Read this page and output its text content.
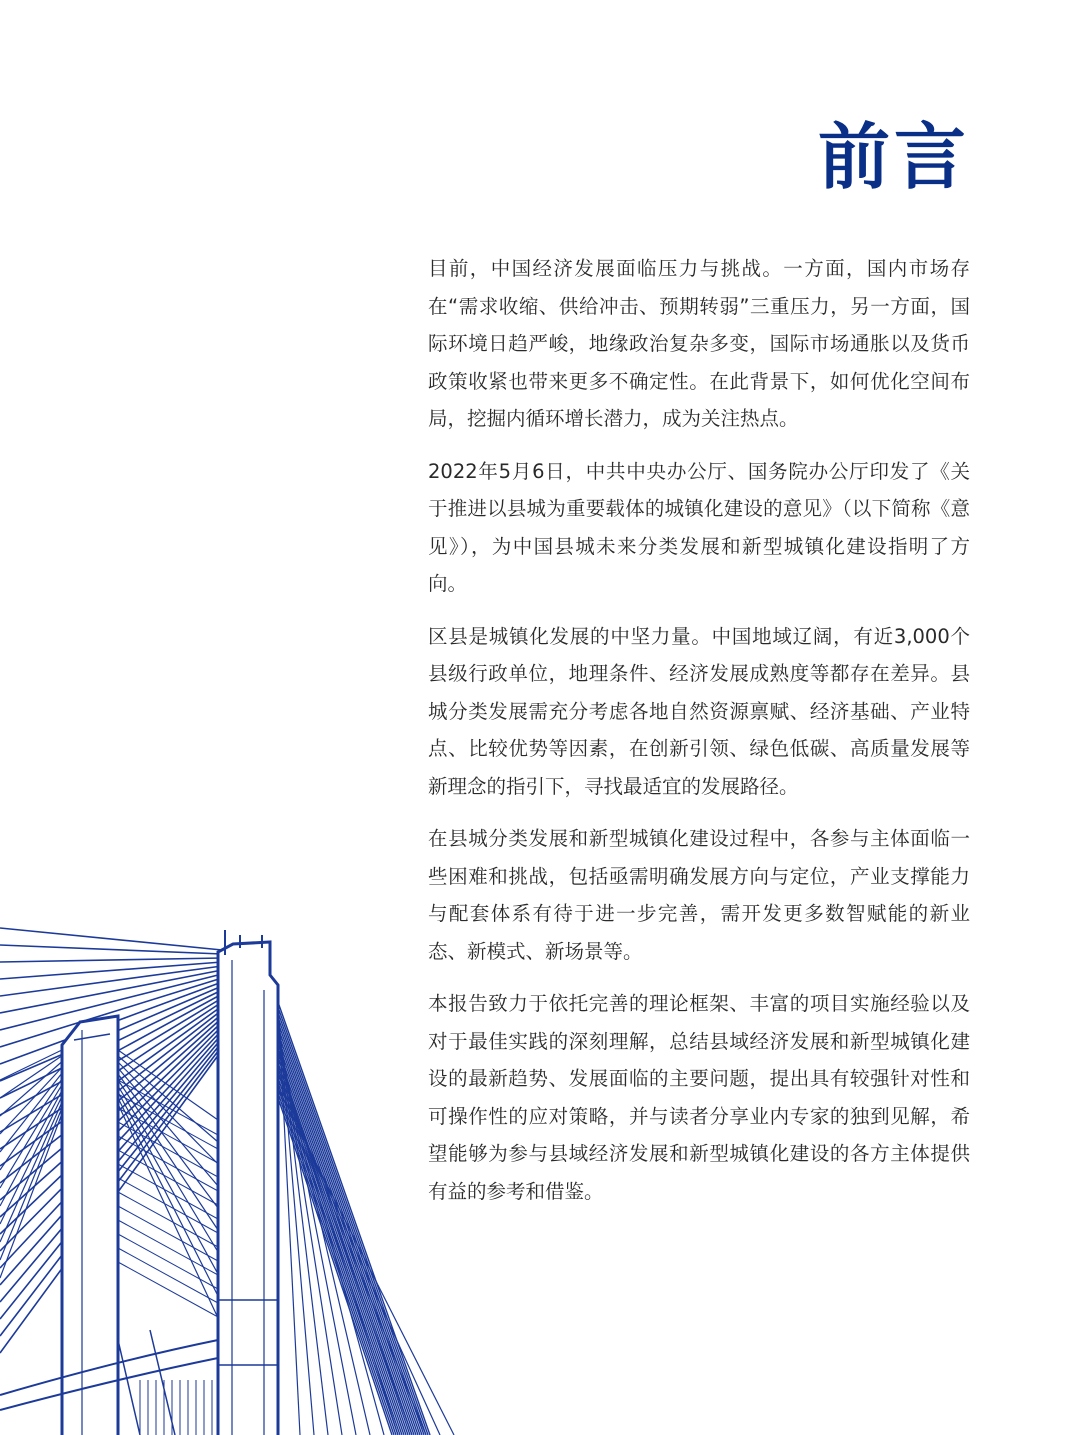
前言

目前，中国经济发展面临压力与挑战。一方面，国内市场存在“需求收缩、供给冲击、预期转弱”三重压力，另一方面，国际环境日趋严峻，地缘政治复杂多变，国际市场通胀以及货币政策收紧也带来更多不确定性。在此背景下，如何优化空间布局，挖掘内循环增长潜力，成为关注热点。

2022年5月6日，中共中央办公厅、国务院办公厅印发了《关于推进以县城为重要载体的城镇化建设的意见》（以下简称《意见》），为中国县城未来分类发展和新型城镇化建设指明了方向。

区县是城镇化发展的中坚力量。中国地域辽阔，有近3,000个县级行政单位，地理条件、经济发展成熟度等都存在差异。县城分类发展需充分考虑各地自然资源禀赋、经济基础、产业特点、比较优势等因素，在创新引领、绿色低碳、高质量发展等新理念的指引下，寻找最适宜的发展路径。

在县城分类发展和新型城镇化建设过程中，各参与主体面临一些困难和挑战，包括亟需明确发展方向与定位，产业支撑能力与配套体系有待于进一步完善，需开发更多数智赋能的新业态、新模式、新场景等。

本报告致力于依托完善的理论框架、丰富的项目实施经验以及对于最佳实践的深刻理解，总结县域经济发展和新型城镇化建设的最新趋势、发展面临的主要问题，提出具有较强针对性和可操作性的应对策略，并与读者分享业内专家的独到见解，希望能够为参与县域经济发展和新型城镇化建设的各方主体提供有益的参考和借鉴。
